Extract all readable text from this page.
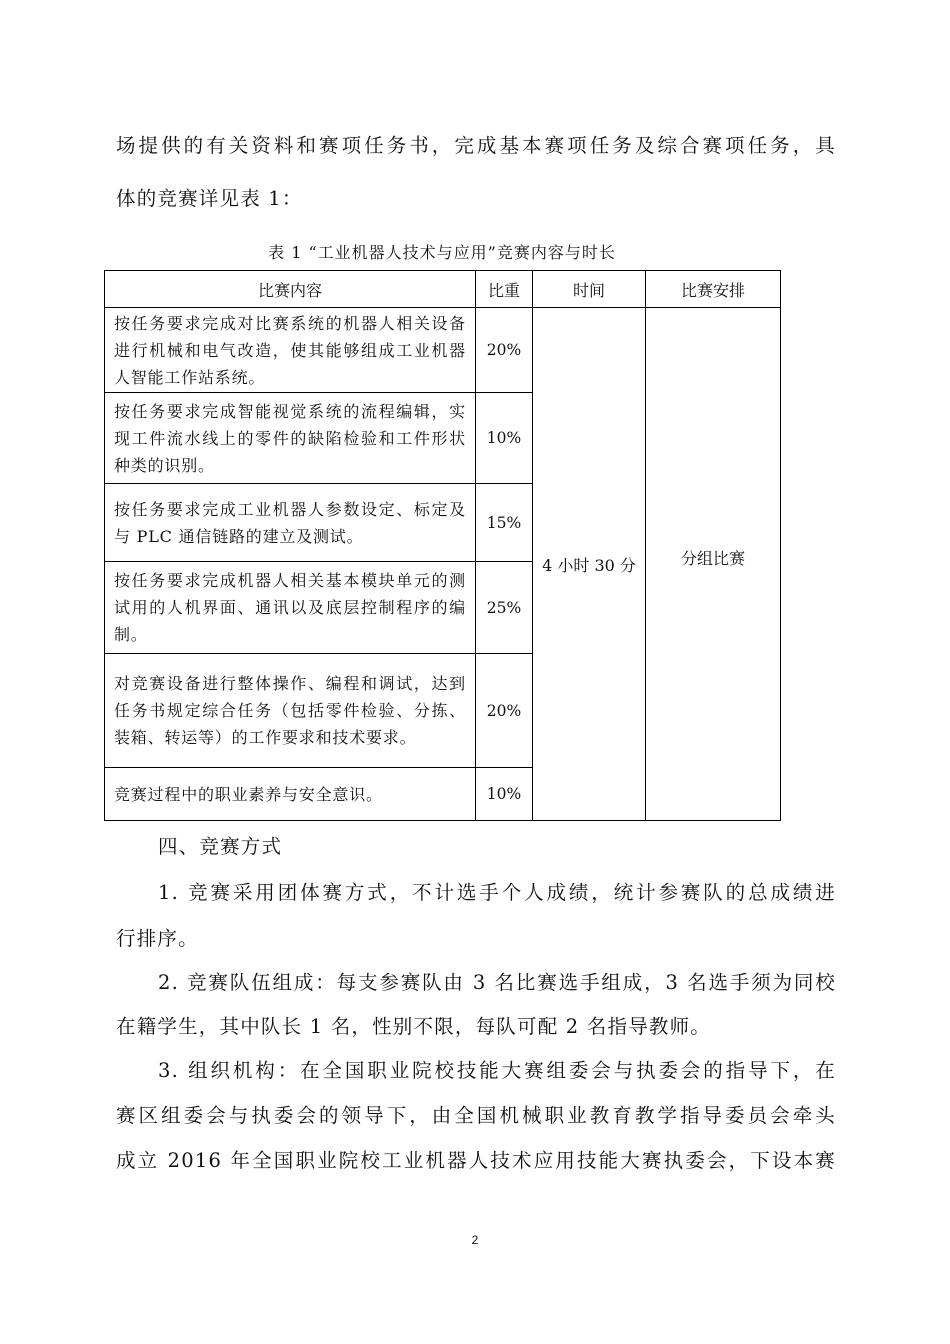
场提供的有关资料和赛项任务书，完成基本赛项任务及综合赛项任务，具

体的竞赛详见表 1：

表 1 “工业机器人技术与应用”竞赛内容与时长

比赛内容	比重	时间	比赛安排
按任务要求完成对比赛系统的机器人相关设备进行机械和电气改造，使其能够组成工业机器人智能工作站系统。	20%	4 小时 30 分	分组比赛
按任务要求完成智能视觉系统的流程编辑，实现工件流水线上的零件的缺陷检验和工件形状种类的识别。	10%		
按任务要求完成工业机器人参数设定、标定及与 PLC 通信链路的建立及测试。	15%		
按任务要求完成机器人相关基本模块单元的测试用的人机界面、通讯以及底层控制程序的编制。	25%		
对竞赛设备进行整体操作、编程和调试，达到任务书规定综合任务（包括零件检验、分拣、装箱、转运等）的工作要求和技术要求。	20%		
竞赛过程中的职业素养与安全意识。	10%		

四、竞赛方式

1. 竞赛采用团体赛方式，不计选手个人成绩，统计参赛队的总成绩进

行排序。

2. 竞赛队伍组成：每支参赛队由 3 名比赛选手组成，3 名选手须为同校

在籍学生，其中队长 1 名，性别不限，每队可配 2 名指导教师。

3. 组织机构：在全国职业院校技能大赛组委会与执委会的指导下，在

赛区组委会与执委会的领导下，由全国机械职业教育教学指导委员会牵头

成立 2016 年全国职业院校工业机器人技术应用技能大赛执委会，下设本赛

2
